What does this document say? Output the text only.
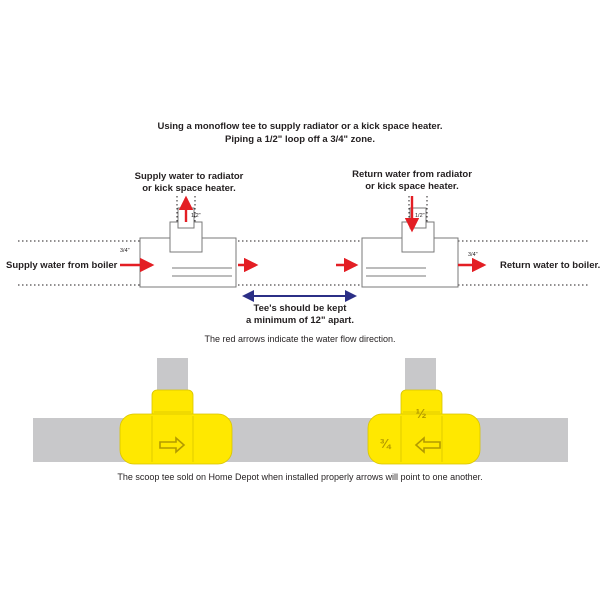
Using a monoflow tee to supply radiator or a kick space heater.
Piping a 1/2" loop off a 3/4" zone.
Supply water to radiator
or kick space heater.
Return water from radiator
or kick space heater.
3/4"
1/2"
3/4"
1/2"
Supply water from boiler	Return water to boiler.
Tee's should be kept
a minimum of 12" apart.
The red arrows indicate the water flow direction.
½
¾
The scoop tee sold on Home Depot when installed properly arrows will point to one another.
